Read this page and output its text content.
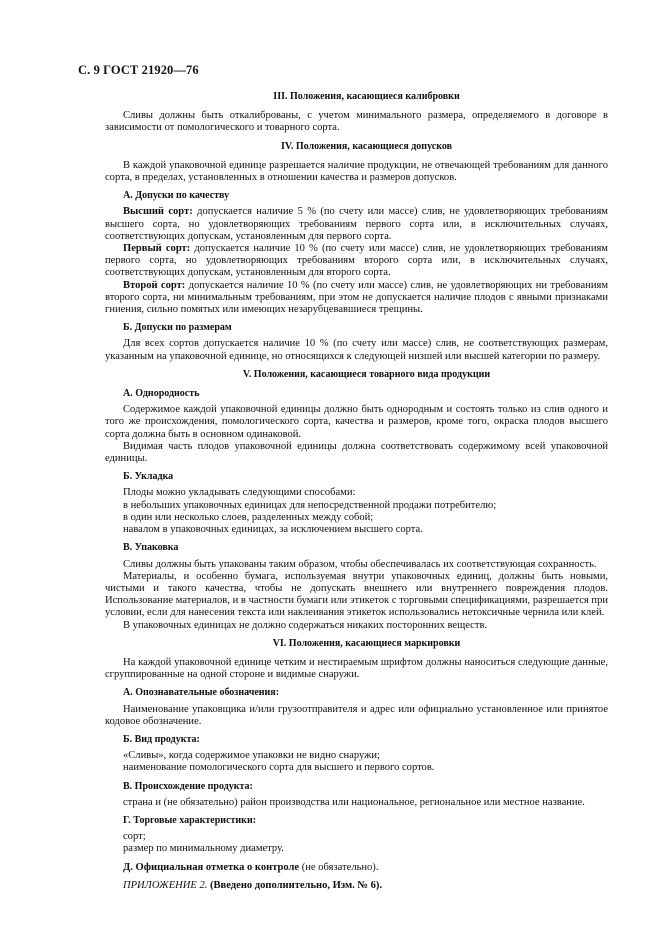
С. 9 ГОСТ 21920—76
III. Положения, касающиеся калибровки

Сливы должны быть откалиброваны, с учетом минимального размера, определяемого в договоре в зависимости от помологического и товарного сорта.

IV. Положения, касающиеся допусков

В каждой упаковочной единице разрешается наличие продукции, не отвечающей требованиям для данного сорта, в пределах, установленных в отношении качества и размеров допусков.

А. Допуски по качеству

Высший сорт: допускается наличие 5 % (по счету или массе) слив, не удовлетворяющих требованиям высшего сорта, но удовлетворяющих требованиям первого сорта или, в исключительных случаях, соответствующих допускам, установленным для первого сорта.

Первый сорт: допускается наличие 10 % (по счету или массе) слив, не удовлетворяющих требованиям первого сорта, но удовлетворяющих требованиям второго сорта или, в исключительных случаях, соответствующих допускам, установленным для второго сорта.

Второй сорт: допускается наличие 10 % (по счету или массе) слив, не удовлетворяющих ни требованиям второго сорта, ни минимальным требованиям, при этом не допускается наличие плодов с явными признаками гниения, сильно помятых или имеющих незарубцевавшиеся трещины.

Б. Допуски по размерам

Для всех сортов допускается наличие 10 % (по счету или массе) слив, не соответствующих размерам, указанным на упаковочной единице, но относящихся к следующей низшей или высшей категории по размеру.

V. Положения, касающиеся товарного вида продукции
А. Однородность

Содержимое каждой упаковочной единицы должно быть однородным и состоять только из слив одного и того же происхождения, помологического сорта, качества и размеров, кроме того, окраска плодов высшего сорта должна быть в основном одинаковой.

Видимая часть плодов упаковочной единицы должна соответствовать содержимому всей упаковочной единицы.

Б. Укладка

Плоды можно укладывать следующими способами:

в небольших упаковочных единицах для непосредственной продажи потребителю;

в один или несколько слоев, разделенных между собой;

навалом в упаковочных единицах, за исключением высшего сорта.

В. Упаковка

Сливы должны быть упакованы таким образом, чтобы обеспечивалась их соответствующая сохранность.

Материалы, и особенно бумага, используемая внутри упаковочных единиц, должны быть новыми, чистыми и такого качества, чтобы не допускать внешнего или внутреннего повреждения плодов. Использование материалов, и в частности бумаги или этикеток с торговыми спецификациями, разрешается при условии, если для нанесения текста или наклеивания этикеток использовались нетоксичные чернила или клей.

В упаковочных единицах не должно содержаться никаких посторонних веществ.

VI. Положения, касающиеся маркировки

На каждой упаковочной единице четким и нестираемым шрифтом должны наноситься следующие данные, сгруппированные на одной стороне и видимые снаружи.

А. Опознавательные обозначения:

Наименование упаковщика и/или грузоотправителя и адрес или официально установленное или принятое кодовое обозначение.

Б. Вид продукта:

«Сливы», когда содержимое упаковки не видно снаружи;

наименование помологического сорта для высшего и первого сортов.

В. Происхождение продукта:

страна и (не обязательно) район производства или национальное, региональное или местное название.

Г. Торговые характеристики:

сорт;

размер по минимальному диаметру.

Д. Официальная отметка о контроле (не обязательно).

ПРИЛОЖЕНИЕ 2. (Введено дополнительно, Изм. № 6).
